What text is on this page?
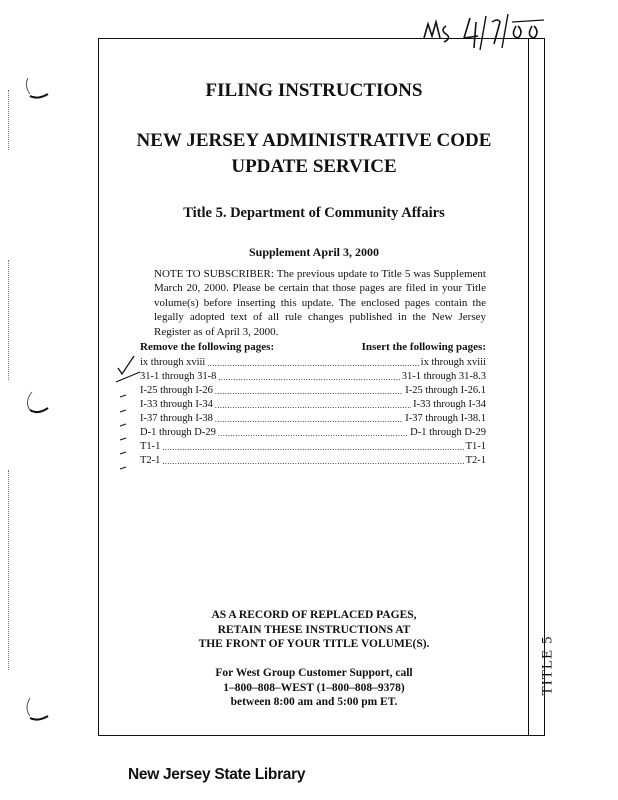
TITLE 5
FILING INSTRUCTIONS
NEW JERSEY ADMINISTRATIVE CODE
UPDATE SERVICE
Title 5. Department of Community Affairs
Supplement April 3, 2000
NOTE TO SUBSCRIBER: The previous update to Title 5 was Supplement March 20, 2000. Please be certain that those pages are filed in your Title volume(s) before inserting this update. The enclosed pages contain the legally adopted text of all rule changes published in the New Jersey Register as of April 3, 2000.
Remove the following pages:	Insert the following pages:
ix through xviii .....	ix through xviii
31-1 through 31-8 .....	31-1 through 31-8.3
I-25 through I-26 .....	I-25 through I-26.1
I-33 through I-34 .....	I-33 through I-34
I-37 through I-38 .....	I-37 through I-38.1
D-1 through D-29 .....	D-1 through D-29
T1-1 .....	T1-1
T2-1 .....	T2-1
AS A RECORD OF REPLACED PAGES,
RETAIN THESE INSTRUCTIONS AT
THE FRONT OF YOUR TITLE VOLUME(S).
For West Group Customer Support, call
1–800–808–WEST (1–800–808–9378)
between 8:00 am and 5:00 pm ET.
New Jersey State Library
